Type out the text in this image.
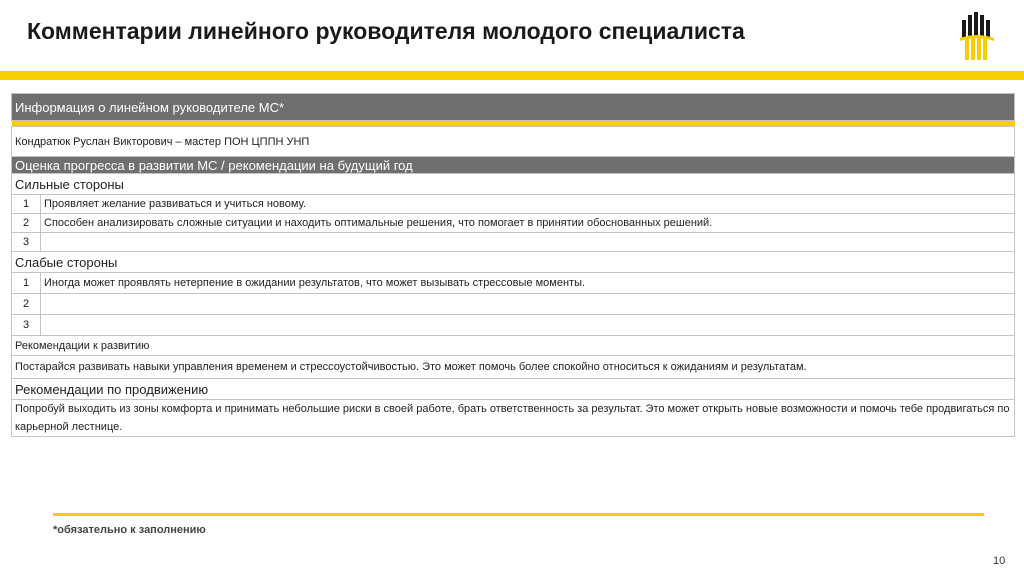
Комментарии линейного руководителя молодого специалиста
Информация о линейном руководителе МС*	

Кондратюк Руслан Викторович – мастер ПОН ЦППН УНП	
Оценка прогресса в развитии МС / рекомендации на будущий год	
Сильные стороны	
1	Проявляет желание развиваться и учиться новому.
2	Способен анализировать сложные ситуации и находить оптимальные решения, что помогает в принятии обоснованных решений.
3	
Слабые стороны	
1	Иногда может проявлять нетерпение в ожидании результатов, что может вызывать стрессовые моменты.
2	
3	
Рекомендации к развитию	
Постарайся развивать навыки управления временем и стрессоустойчивостью. Это может помочь более спокойно относиться к ожиданиям и результатам.	
Рекомендации по продвижению	
Попробуй выходить из зоны комфорта и принимать небольшие риски в своей работе, брать ответственность за результат. Это может открыть новые возможности и помочь тебе продвигаться по карьерной лестнице.	
*обязательно к заполнению
10
